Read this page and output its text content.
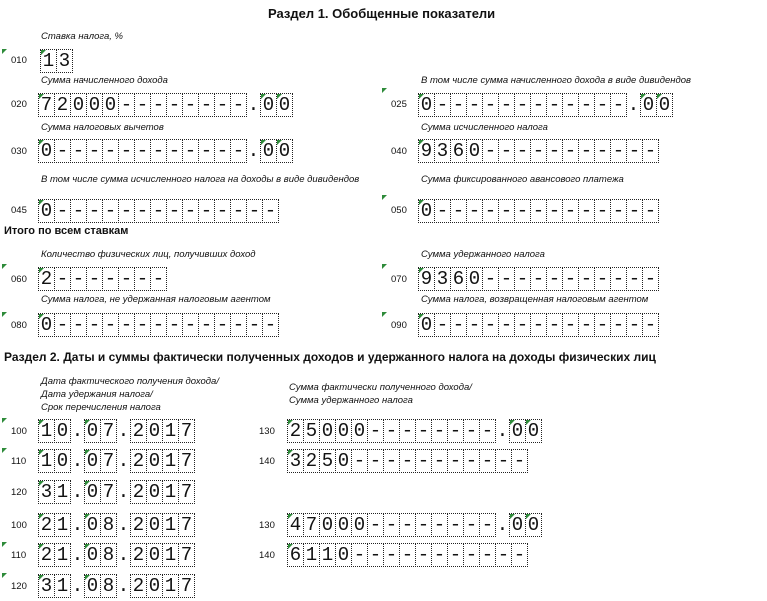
Раздел 1. Обобщенные показатели
Ставка налога, %
010 1 3
Сумма начисленного дохода
020 7 2 0 0 0 - - - - - - - - . 0 0
В том числе сумма начисленного дохода в виде дивидендов
025 0 - - - - - - - - - - - - . 0 0
Сумма налоговых вычетов
030 0 - - - - - - - - - - - - . 0 0
Сумма исчисленного налога
040 9 3 6 0 - - - - - - - - - - -
В том числе сумма исчисленного налога на доходы в виде дивидендов
045 0 - - - - - - - - - - - - - -
Сумма фиксированного авансового платежа
050 0 - - - - - - - - - - - - - -
Итого по всем ставкам
Количество физических лиц, получивших доход
060 2 - - - - - - -
Сумма удержанного налога
070 9 3 6 0 - - - - - - - - - - -
Сумма налога, не удержанная налоговым агентом
080 0 - - - - - - - - - - - - - -
Сумма налога, возвращенная налоговым агентом
090 0 - - - - - - - - - - - - - -
Раздел 2. Даты и суммы фактически полученных доходов и удержанного налога на доходы физических лиц
Дата фактического получения дохода/
Дата удержания налога/
Срок перечисления налога
Сумма фактически полученного дохода/
Сумма удержанного налога
100 1 0 . 0 7 . 2 0 1 7	130 2 5 0 0 0 - - - - - - - - . 0 0
110 1 0 . 0 7 . 2 0 1 7	140 3 2 5 0 - - - - - - - - - - -
120 3 1 . 0 7 . 2 0 1 7
100 2 1 . 0 8 . 2 0 1 7	130 4 7 0 0 0 - - - - - - - - . 0 0
110 2 1 . 0 8 . 2 0 1 7	140 6 1 1 0 - - - - - - - - - - -
120 3 1 . 0 8 . 2 0 1 7
